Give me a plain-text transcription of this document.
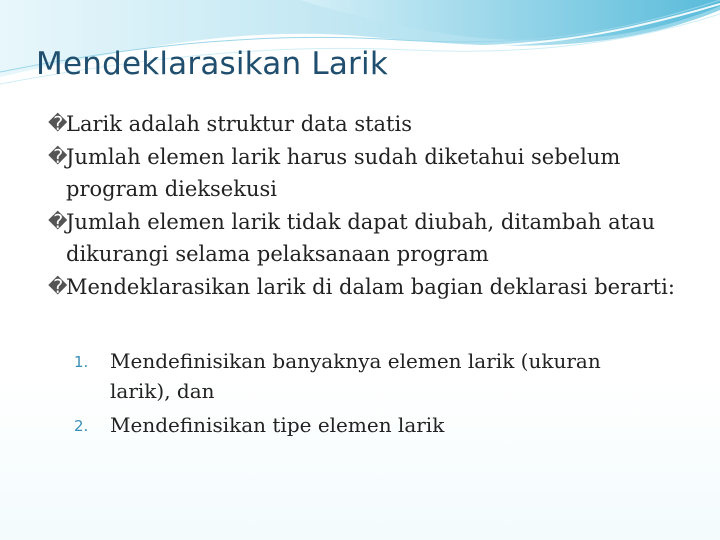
Mendeklarasikan Larik
�
Larik adalah struktur data statis
�
Jumlah elemen larik harus sudah diketahui sebelum program dieksekusi
�
Jumlah elemen larik tidak dapat diubah, ditambah atau dikurangi selama pelaksanaan program
�
Mendeklarasikan larik di dalam bagian deklarasi berarti:
1. Mendefinisikan banyaknya elemen larik (ukuran larik), dan
2. Mendefinisikan tipe elemen larik
